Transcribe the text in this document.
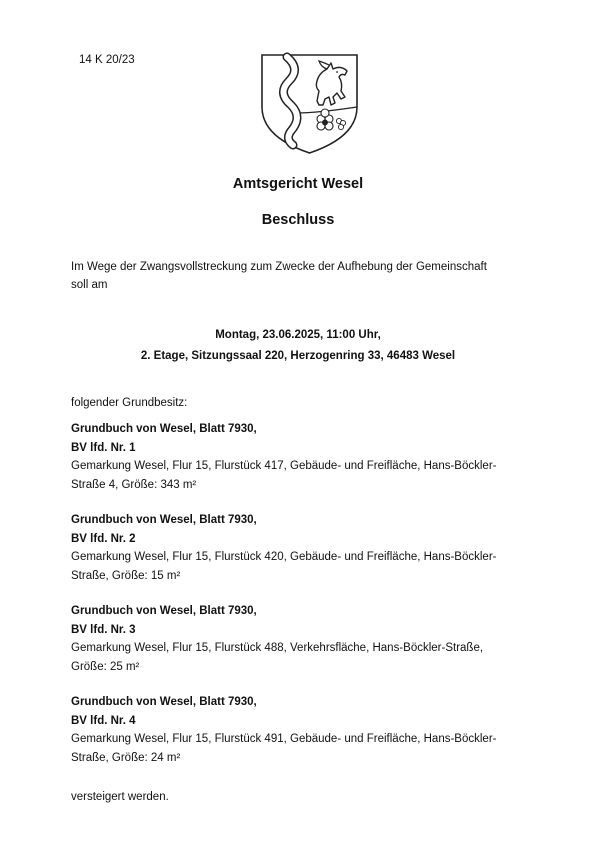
14 K 20/23
Amtsgericht Wesel
Beschluss
Im Wege der Zwangsvollstreckung zum Zwecke der Aufhebung der Gemeinschaft
soll am
Montag, 23.06.2025, 11:00 Uhr,
2. Etage, Sitzungssaal 220, Herzogenring 33, 46483 Wesel
folgender Grundbesitz:
Grundbuch von Wesel, Blatt 7930,
BV lfd. Nr. 1
Gemarkung Wesel, Flur 15, Flurstück 417, Gebäude- und Freifläche, Hans-Böckler-
Straße 4, Größe: 343 m²
Grundbuch von Wesel, Blatt 7930,
BV lfd. Nr. 2
Gemarkung Wesel, Flur 15, Flurstück 420, Gebäude- und Freifläche, Hans-Böckler-
Straße, Größe: 15 m²
Grundbuch von Wesel, Blatt 7930,
BV lfd. Nr. 3
Gemarkung Wesel, Flur 15, Flurstück 488, Verkehrsfläche, Hans-Böckler-Straße,
Größe: 25 m²
Grundbuch von Wesel, Blatt 7930,
BV lfd. Nr. 4
Gemarkung Wesel, Flur 15, Flurstück 491, Gebäude- und Freifläche, Hans-Böckler-
Straße, Größe: 24 m²
versteigert werden.
